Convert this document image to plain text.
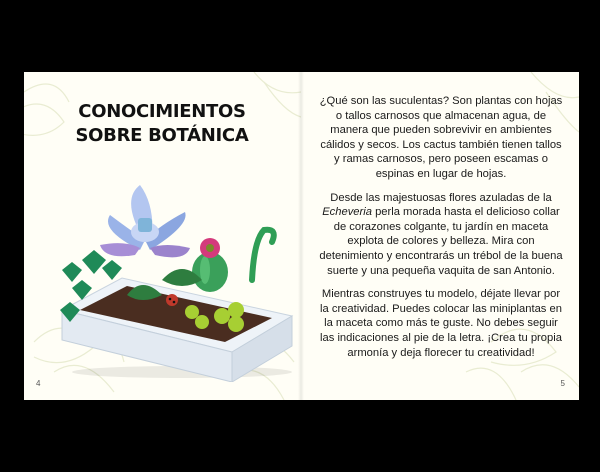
CONOCIMIENTOS SOBRE BOTÁNICA
4

¿Qué son las suculentas? Son plantas con hojas o tallos carnosos que almacenan agua, de manera que pueden sobrevivir en ambientes cálidos y secos. Los cactus también tienen tallos y ramas carnosos, pero poseen escamas o espinas en lugar de hojas.

Desde las majestuosas flores azuladas de la Echeveria perla morada hasta el delicioso collar de corazones colgante, tu jardín en maceta explota de colores y belleza. Mira con detenimiento y encontrarás un trébol de la buena suerte y una pequeña vaquita de san Antonio.

Mientras construyes tu modelo, déjate llevar por la creatividad. Puedes colocar las miniplantas en la maceta como más te guste. No debes seguir las indicaciones al pie de la letra. ¡Crea tu propia armonía y deja florecer tu creatividad!

5
